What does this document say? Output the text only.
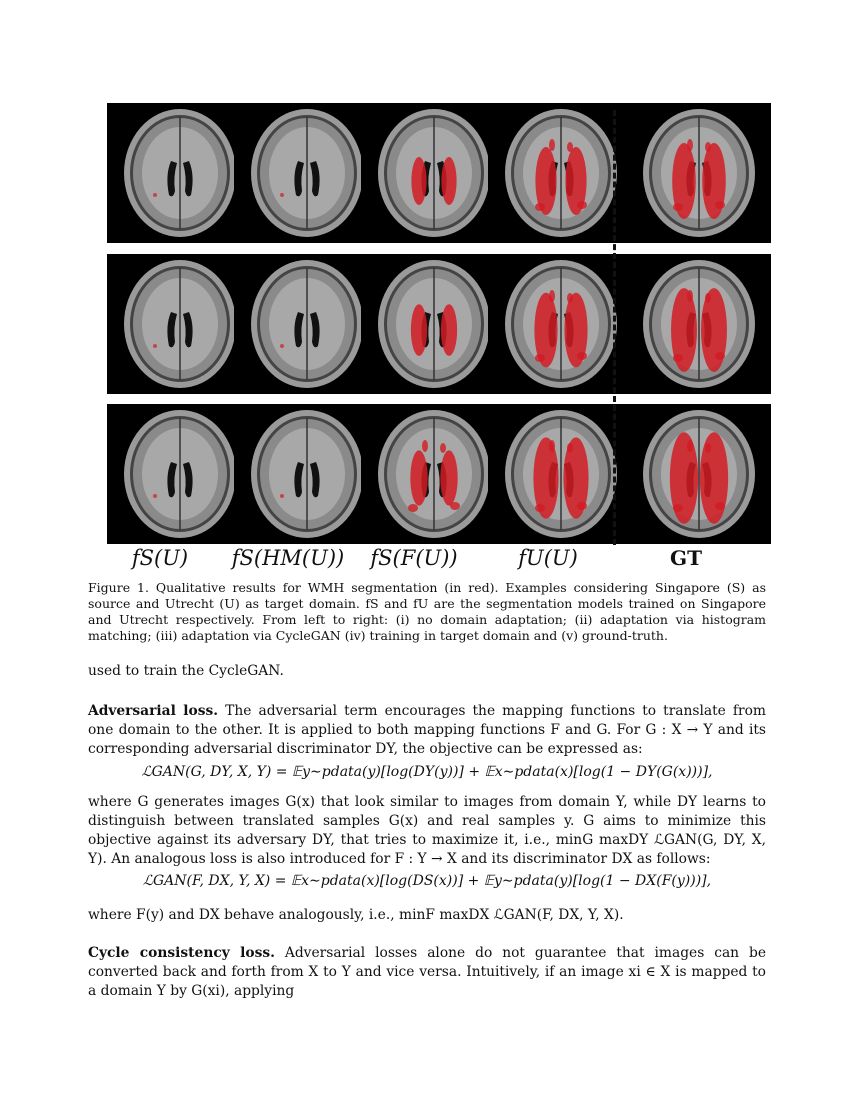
fS(U)	fS(HM(U))	fS(F(U))	fU(U)	GT
Figure 1. Qualitative results for WMH segmentation (in red). Examples considering Singapore (S) as source and Utrecht (U) as target domain. fS and fU are the segmentation models trained on Singapore and Utrecht respectively. From left to right: (i) no domain adaptation; (ii) adaptation via histogram matching; (iii) adaptation via CycleGAN (iv) training in target domain and (v) ground-truth.
used to train the CycleGAN.
Adversarial loss. The adversarial term encourages the mapping functions to translate from one domain to the other. It is applied to both mapping functions F and G. For G : X → Y and its corresponding adversarial discriminator DY, the objective can be expressed as:
ℒGAN(G, DY, X, Y) = 𝔼y∼pdata(y)[log(DY(y))] + 𝔼x∼pdata(x)[log(1 − DY(G(x)))],
where G generates images G(x) that look similar to images from domain Y, while DY learns to distinguish between translated samples G(x) and real samples y. G aims to minimize this objective against its adversary DY, that tries to maximize it, i.e., minG maxDY ℒGAN(G, DY, X, Y). An analogous loss is also introduced for F : Y → X and its discriminator DX as follows:
ℒGAN(F, DX, Y, X) = 𝔼x∼pdata(x)[log(DS(x))] + 𝔼y∼pdata(y)[log(1 − DX(F(y)))],
where F(y) and DX behave analogously, i.e., minF maxDX ℒGAN(F, DX, Y, X).
Cycle consistency loss. Adversarial losses alone do not guarantee that images can be converted back and forth from X to Y and vice versa. Intuitively, if an image xi ∈ X is mapped to a domain Y by G(xi), applying
